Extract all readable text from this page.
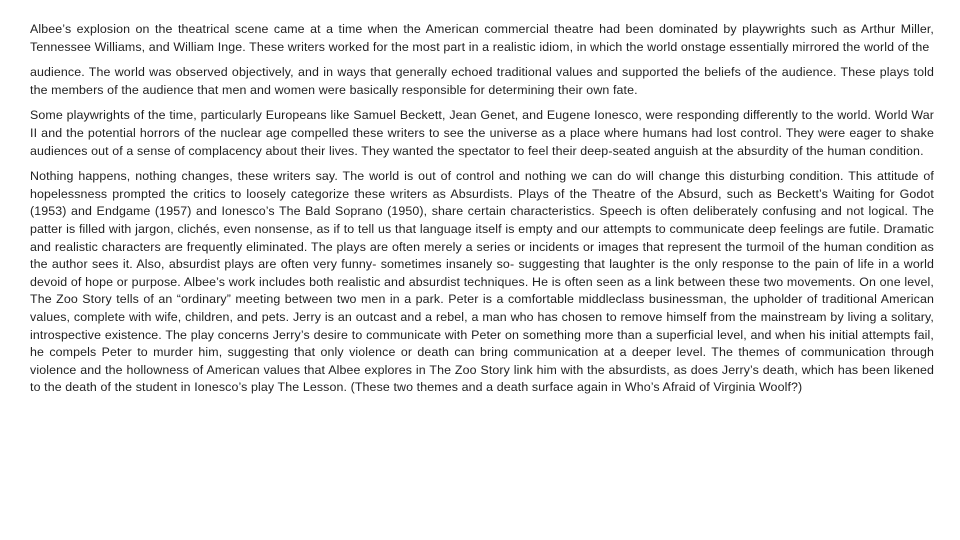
Albee’s explosion on the theatrical scene came at a time when the American commercial theatre had been dominated by playwrights such as Arthur Miller, Tennessee Williams, and William Inge. These writers worked for the most part in a realistic idiom, in which the world onstage essentially mirrored the world of the

audience. The world was observed objectively, and in ways that generally echoed traditional values and supported the beliefs of the audience. These plays told the members of the audience that men and women were basically responsible for determining their own fate.

Some playwrights of the time, particularly Europeans like Samuel Beckett, Jean Genet, and Eugene Ionesco, were responding differently to the world. World War II and the potential horrors of the nuclear age compelled these writers to see the universe as a place where humans had lost control. They were eager to shake audiences out of a sense of complacency about their lives. They wanted the spectator to feel their deep-seated anguish at the absurdity of the human condition.

Nothing happens, nothing changes, these writers say. The world is out of control and nothing we can do will change this disturbing condition. This attitude of hopelessness prompted the critics to loosely categorize these writers as Absurdists. Plays of the Theatre of the Absurd, such as Beckett’s Waiting for Godot (1953) and Endgame (1957) and Ionesco’s The Bald Soprano (1950), share certain characteristics. Speech is often deliberately confusing and not logical. The patter is filled with jargon, clichés, even nonsense, as if to tell us that language itself is empty and our attempts to communicate deep feelings are futile. Dramatic and realistic characters are frequently eliminated. The plays are often merely a series or incidents or images that represent the turmoil of the human condition as the author sees it. Also, absurdist plays are often very funny- sometimes insanely so- suggesting that laughter is the only response to the pain of life in a world devoid of hope or purpose. Albee’s work includes both realistic and absurdist techniques. He is often seen as a link between these two movements. On one level, The Zoo Story tells of an “ordinary” meeting between two men in a park. Peter is a comfortable middleclass businessman, the upholder of traditional American values, complete with wife, children, and pets. Jerry is an outcast and a rebel, a man who has chosen to remove himself from the mainstream by living a solitary, introspective existence. The play concerns Jerry’s desire to communicate with Peter on something more than a superficial level, and when his initial attempts fail, he compels Peter to murder him, suggesting that only violence or death can bring communication at a deeper level. The themes of communication through violence and the hollowness of American values that Albee explores in The Zoo Story link him with the absurdists, as does Jerry’s death, which has been likened to the death of the student in Ionesco’s play The Lesson. (These two themes and a death surface again in Who’s Afraid of Virginia Woolf?)
